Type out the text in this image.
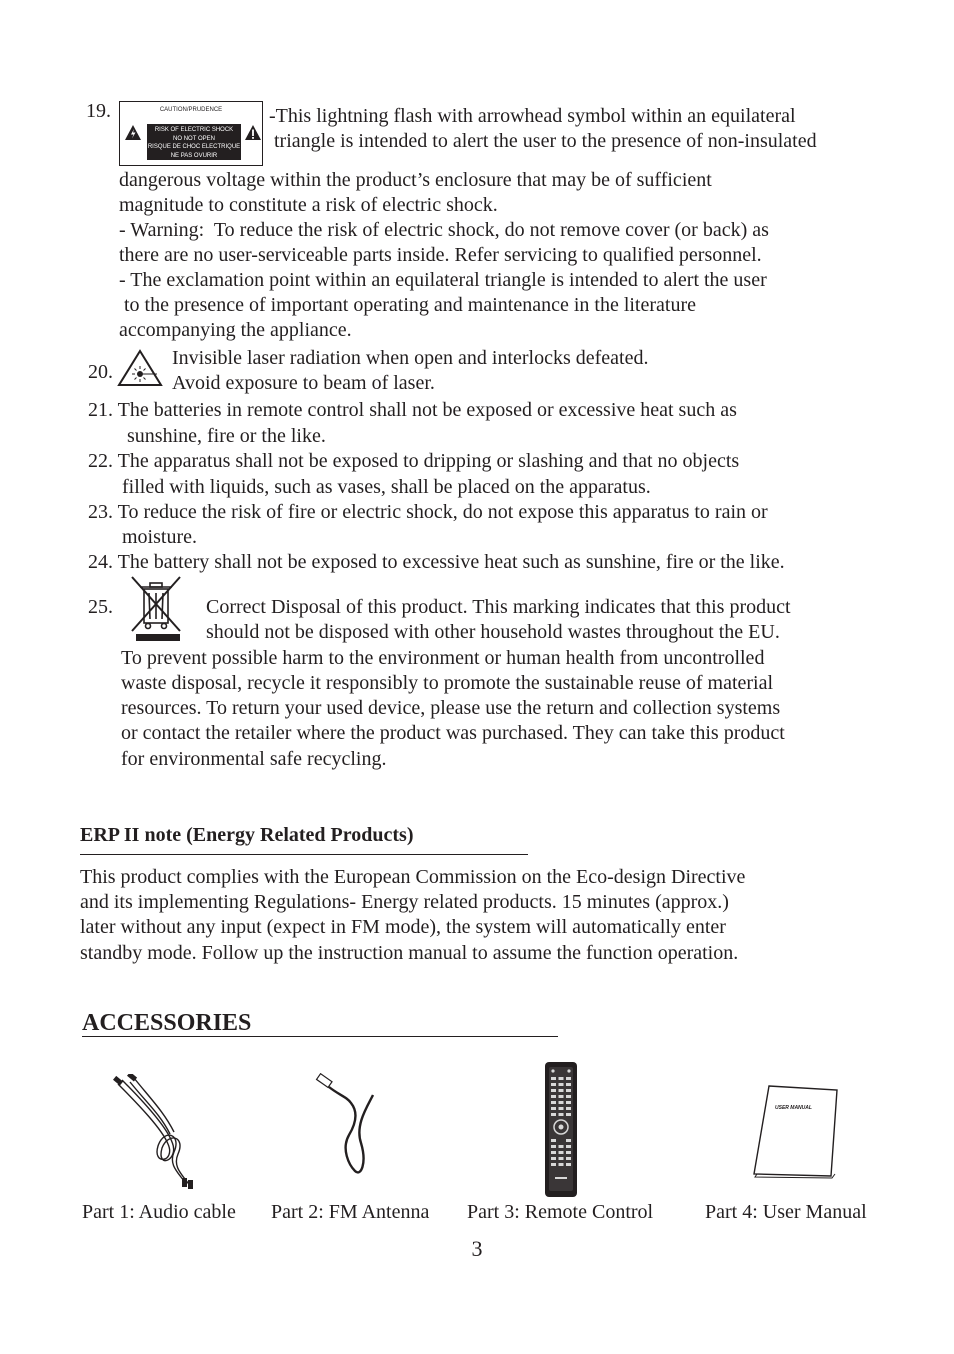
19.	CAUTION/PRUDENCE
RISK OF ELECTRIC SHOCK
NO NOT OPEN
RISQUE DE CHOC ELECTRIQUE
NE PAS OVURIR
-This lightning flash with arrowhead symbol within an equilateral
triangle is intended to alert the user to the presence of non-insulated
dangerous voltage within the product’s enclosure that may be of sufficient
magnitude to constitute a risk of electric shock.
- Warning:  To reduce the risk of electric shock, do not remove cover (or back) as
there are no user-serviceable parts inside. Refer servicing to qualified personnel.
- The exclamation point within an equilateral triangle is intended to alert the user
to the presence of important operating and maintenance in the literature
accompanying the appliance.
20.
Invisible laser radiation when open and interlocks defeated.
Avoid exposure to beam of laser.
21. The batteries in remote control shall not be exposed or excessive heat such as
sunshine, fire or the like.
22. The apparatus shall not be exposed to dripping or slashing and that no objects
filled with liquids, such as vases, shall be placed on the apparatus.
23. To reduce the risk of fire or electric shock, do not expose this apparatus to rain or
moisture.
24. The battery shall not be exposed to excessive heat such as sunshine, fire or the like.
25.	Correct Disposal of this product. This marking indicates that this product
should not be disposed with other household wastes throughout the EU.
To prevent possible harm to the environment or human health from uncontrolled
waste disposal, recycle it responsibly to promote the sustainable reuse of material
resources. To return your used device, please use the return and collection systems
or contact the retailer where the product was purchased. They can take this product
for environmental safe recycling.
ERP II note (Energy Related Products)
This product complies with the European Commission on the Eco-design Directive
and its implementing Regulations- Energy related products. 15 minutes (approx.)
later without any input (expect in FM mode), the system will automatically enter
standby mode. Follow up the instruction manual to assume the function operation.
ACCESSORIES
USER MANUAL
Part 1: Audio cable Part 2: FM Antenna Part 3: Remote Control	Part 4: User Manual
3
